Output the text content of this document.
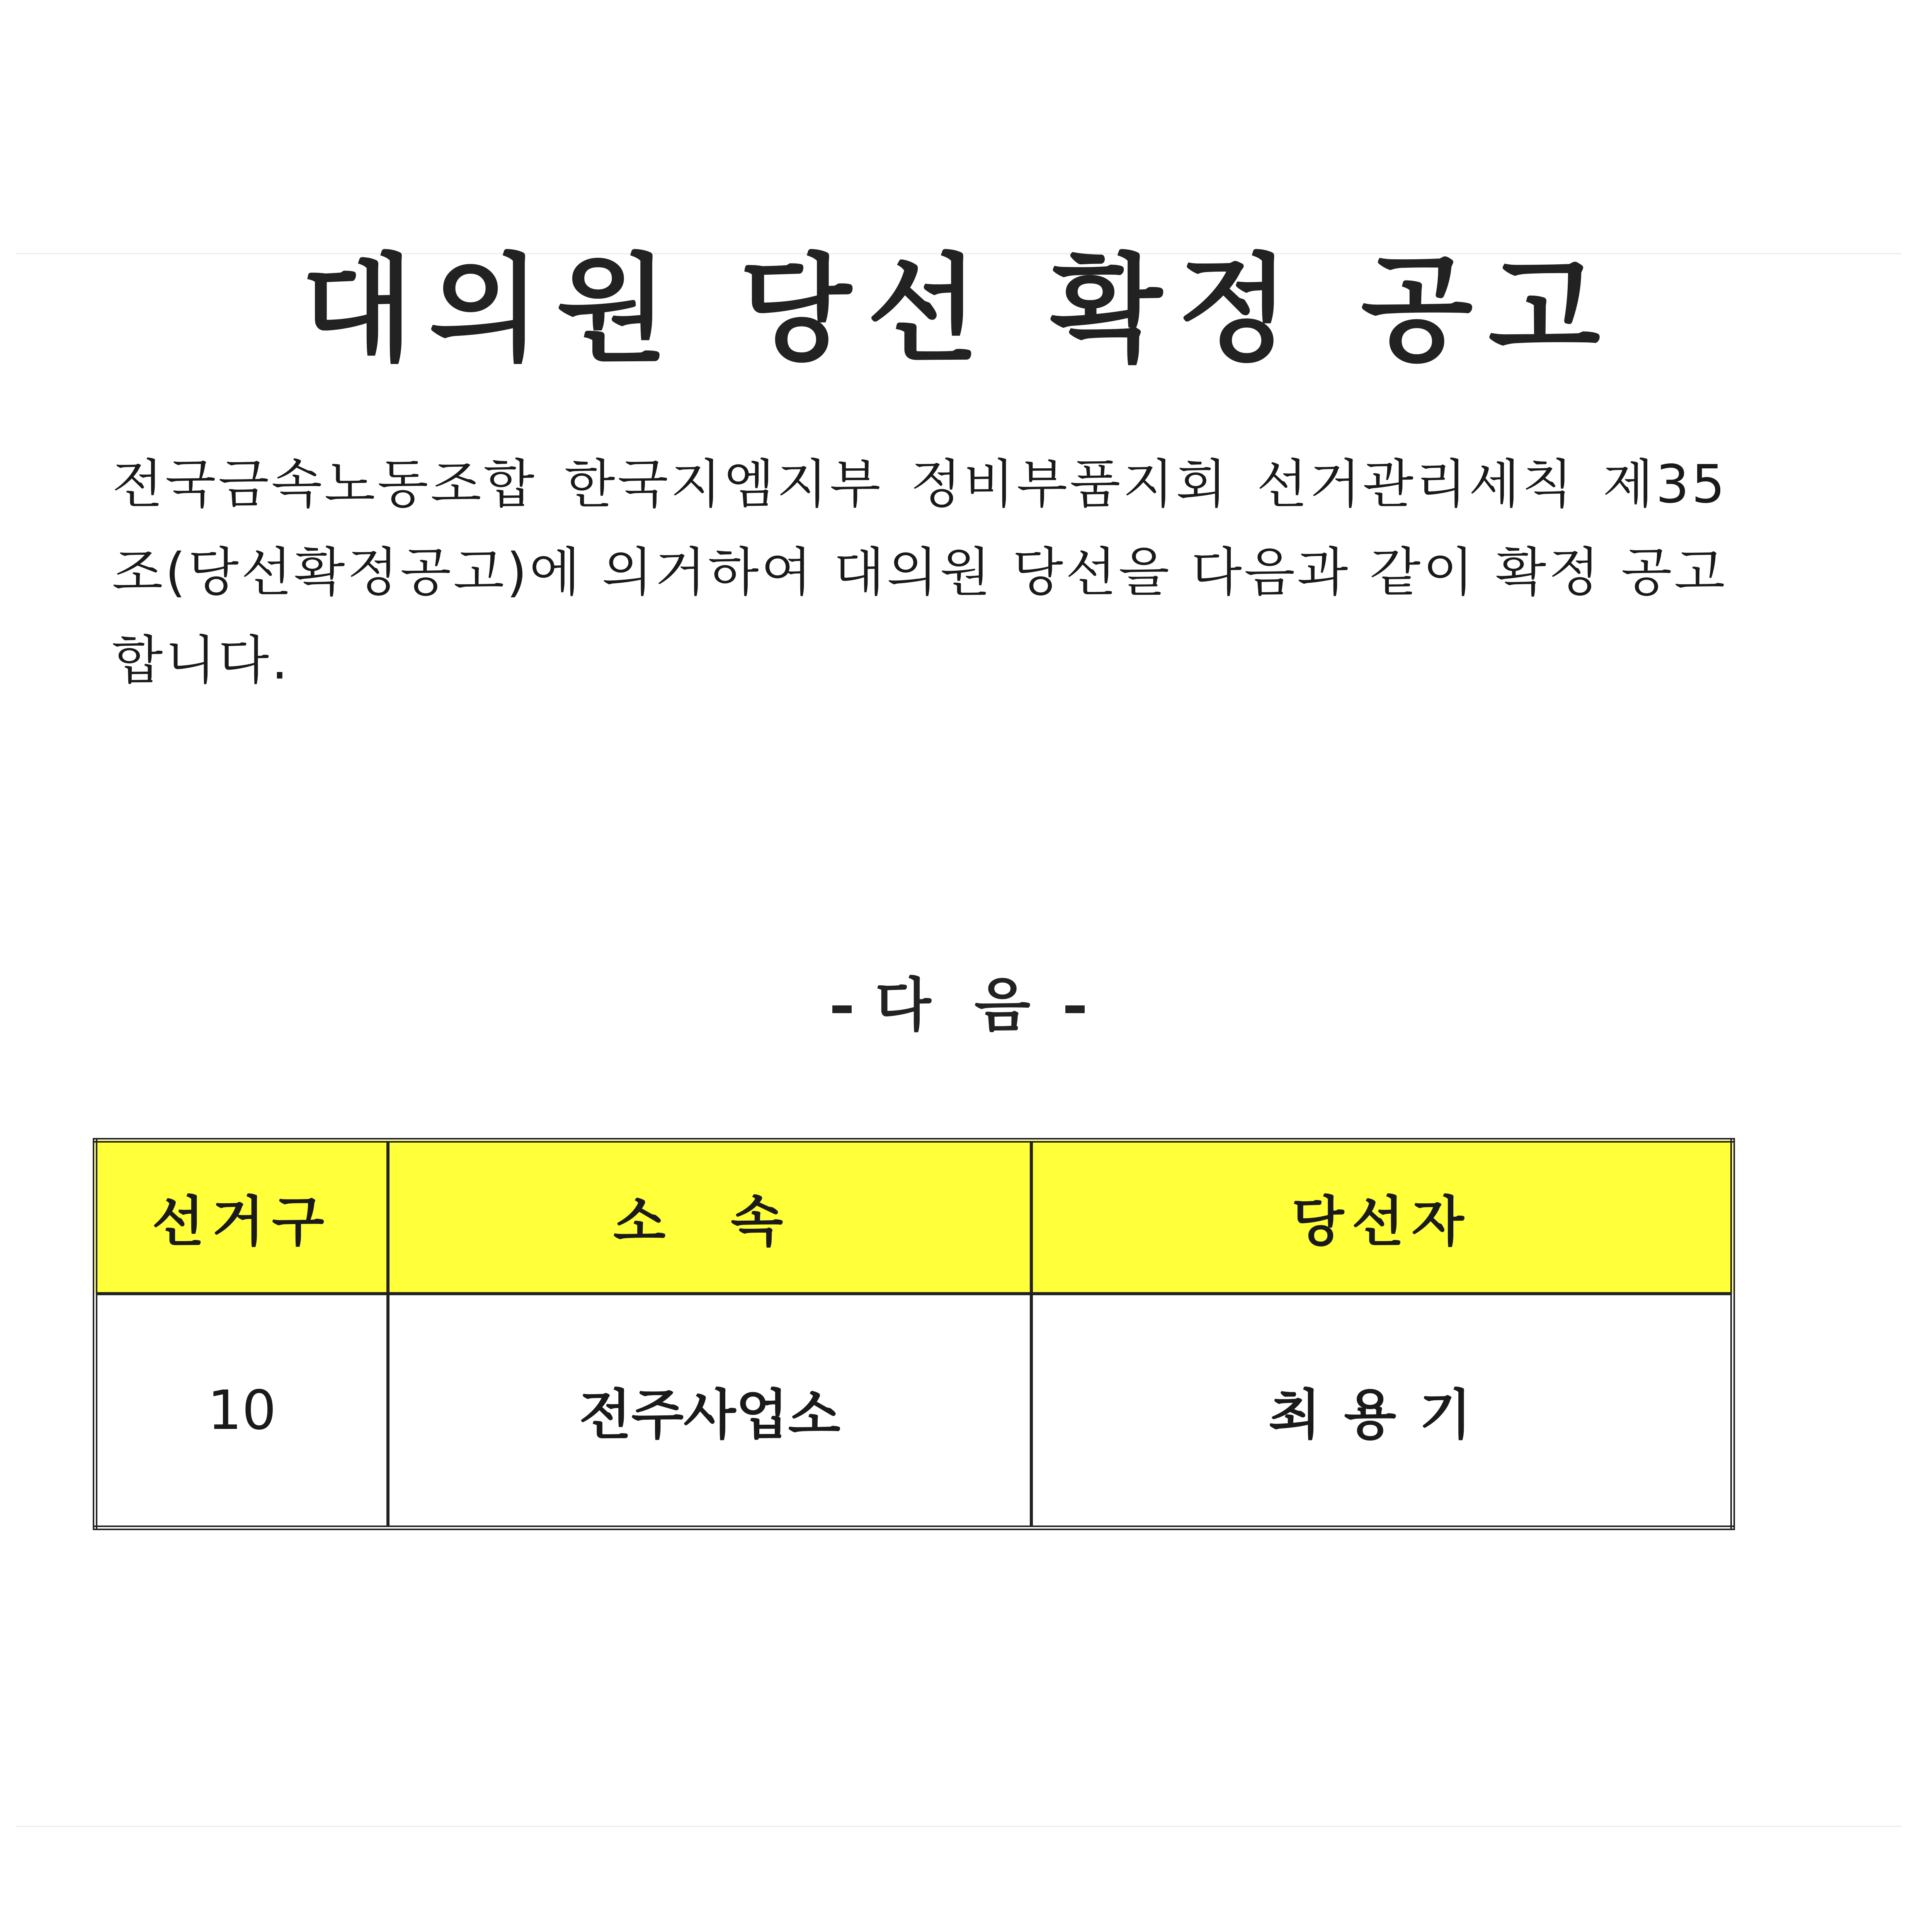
대의원 당선 확정 공고
전국금속노동조합 한국지엠지부 정비부품지회 선거관리세칙 제35조(당선확정공고)에 의거하여 대의원 당선을 다음과 같이 확정 공고합니다.
다 음
선거구	소 속	당선자
10	전주사업소	최용기
